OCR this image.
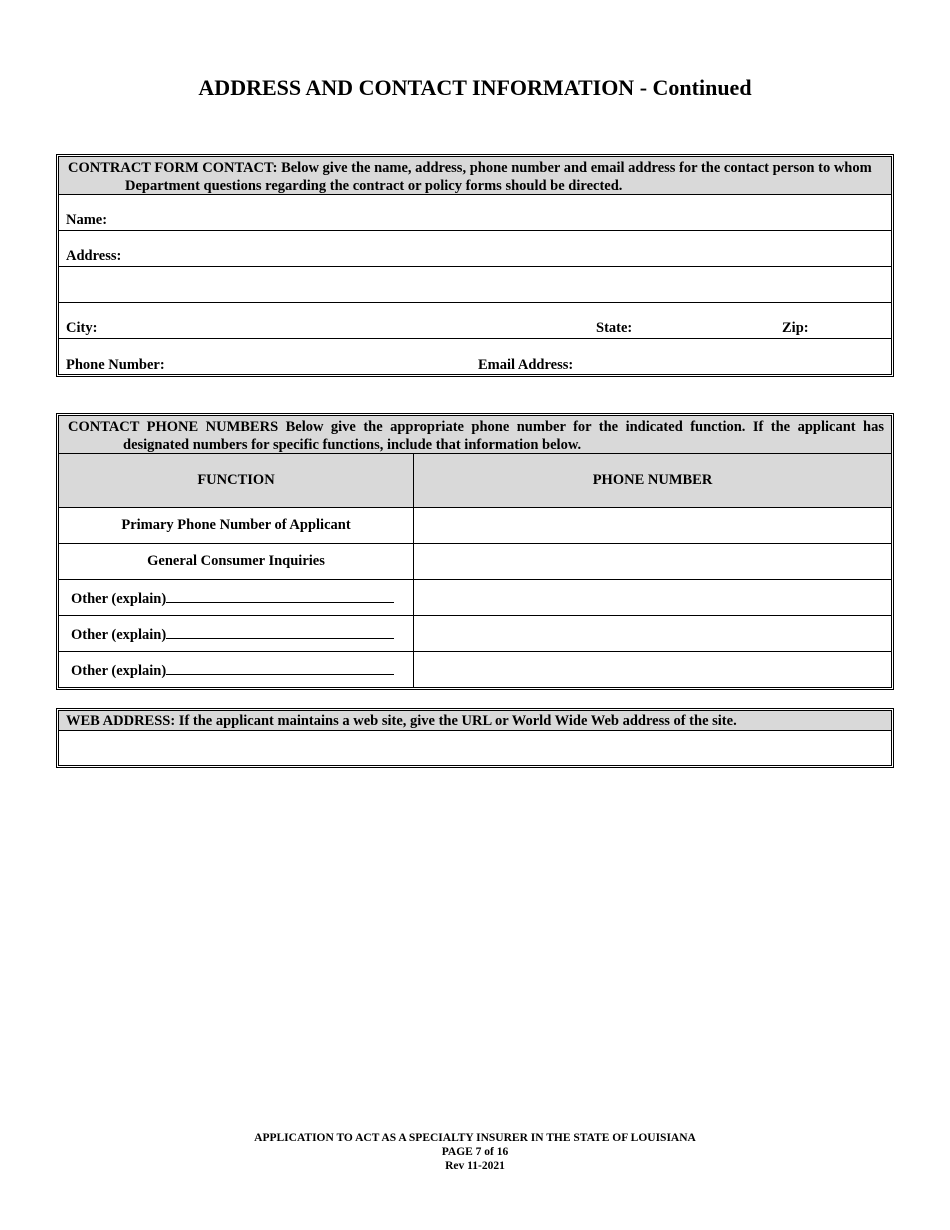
ADDRESS AND CONTACT INFORMATION - Continued
CONTRACT FORM CONTACT: Below give the name, address, phone number and email address for the contact person to whom Department questions regarding the contract or policy forms should be directed.
Name:
Address:
City:	State:	Zip:
Phone Number:	Email Address:
CONTACT PHONE NUMBERS Below give the appropriate phone number for the indicated function. If the applicant has designated numbers for specific functions, include that information below.
FUNCTION	PHONE NUMBER
Primary Phone Number of Applicant	
General Consumer Inquiries	
Other (explain)	
Other (explain)	
Other (explain)	
WEB ADDRESS: If the applicant maintains a web site, give the URL or World Wide Web address of the site.
APPLICATION TO ACT AS A SPECIALTY INSURER IN THE STATE OF LOUISIANA
PAGE 7 of 16
Rev 11-2021
